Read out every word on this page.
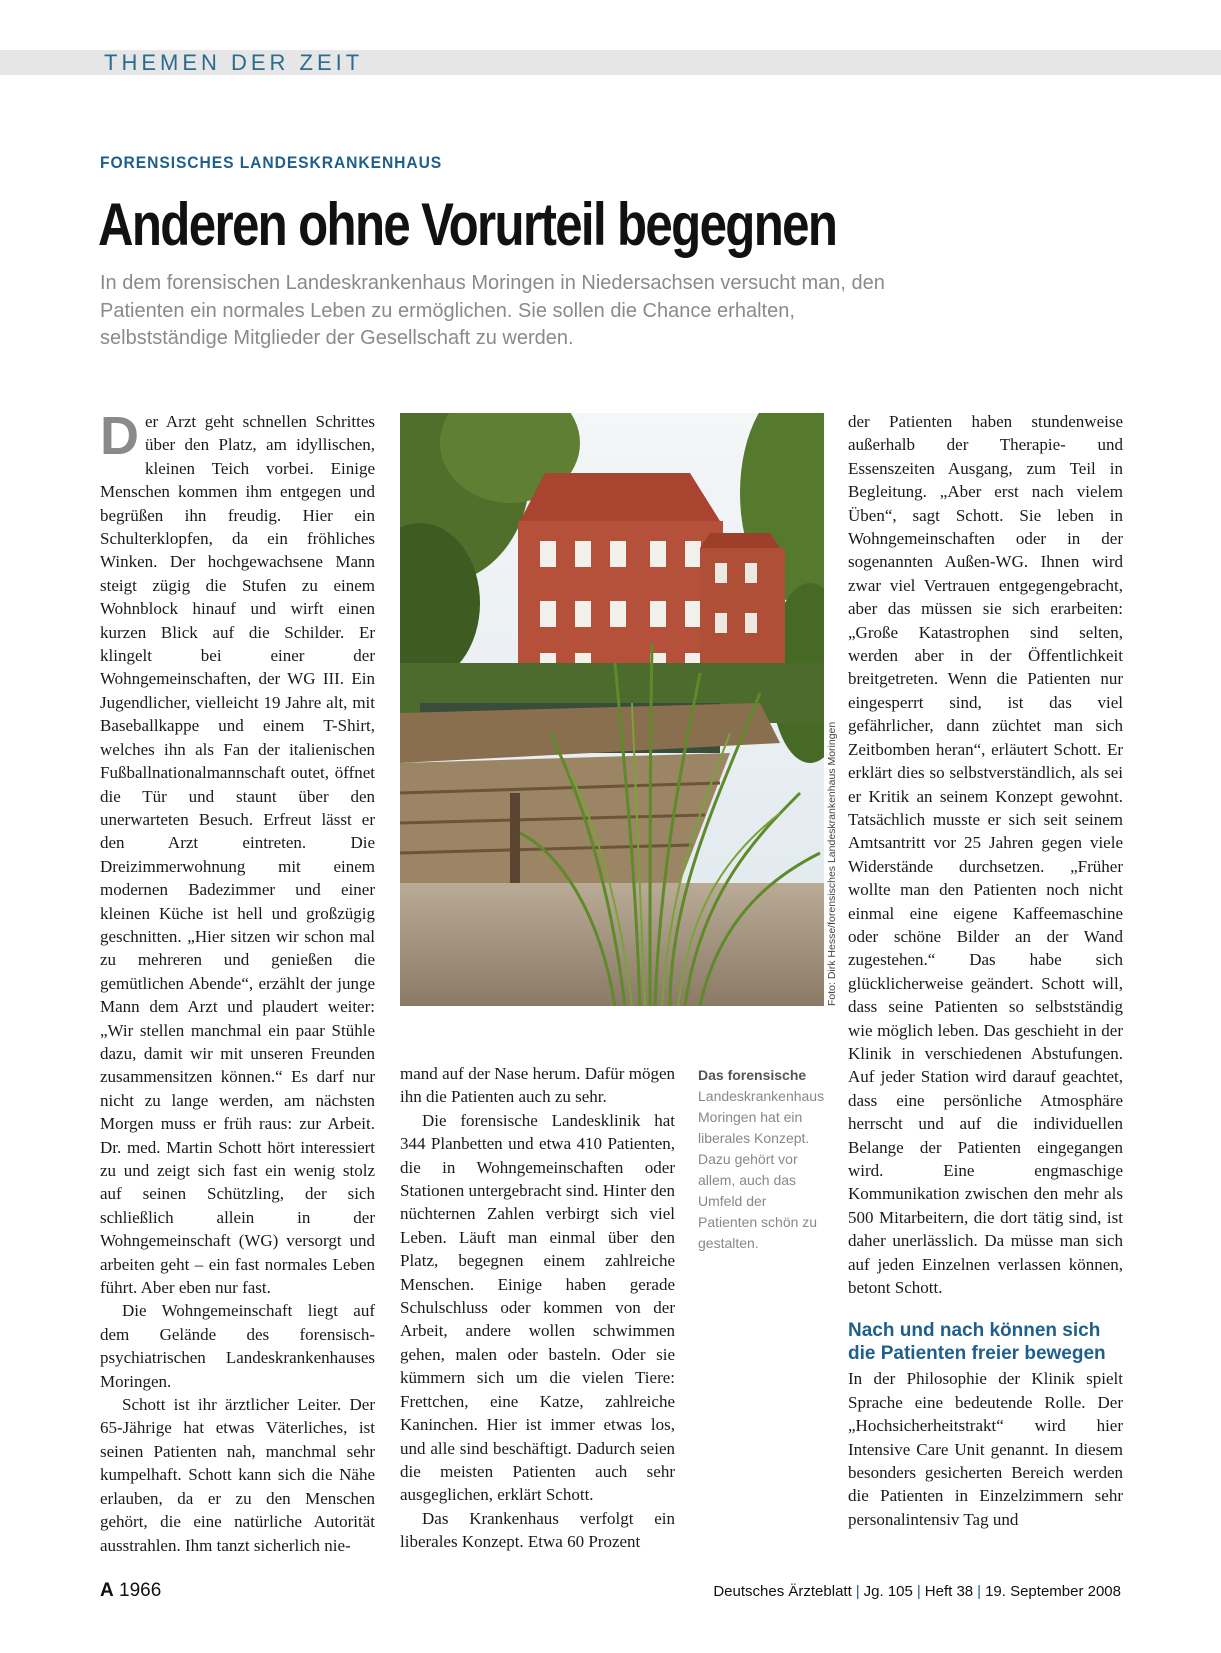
THEMEN DER ZEIT
FORENSISCHES LANDESKRANKENHAUS
Anderen ohne Vorurteil begegnen
In dem forensischen Landeskrankenhaus Moringen in Niedersachsen versucht man, den Patienten ein normales Leben zu ermöglichen. Sie sollen die Chance erhalten, selbstständige Mitglieder der Gesellschaft zu werden.

Der Arzt geht schnellen Schrittes über den Platz, am idyllischen, kleinen Teich vorbei. Einige Menschen kommen ihm entgegen und begrüßen ihn freudig. Hier ein Schulterklopfen, da ein fröhliches Winken. Der hochgewachsene Mann steigt zügig die Stufen zu einem Wohnblock hinauf und wirft einen kurzen Blick auf die Schilder. Er klingelt bei einer der Wohngemeinschaften, der WG III. Ein Jugendlicher, vielleicht 19 Jahre alt, mit Baseballkappe und einem T-Shirt, welches ihn als Fan der italienischen Fußballnationalmannschaft outet, öffnet die Tür und staunt über den unerwarteten Besuch. Erfreut lässt er den Arzt eintreten. Die Dreizimmerwohnung mit einem modernen Badezimmer und einer kleinen Küche ist hell und großzügig geschnitten. „Hier sitzen wir schon mal zu mehreren und genießen die gemütlichen Abende“, erzählt der junge Mann dem Arzt und plaudert weiter: „Wir stellen manchmal ein paar Stühle dazu, damit wir mit unseren Freunden zusammensitzen können.“ Es darf nur nicht zu lange werden, am nächsten Morgen muss er früh raus: zur Arbeit. Dr. med. Martin Schott hört interessiert zu und zeigt sich fast ein wenig stolz auf seinen Schützling, der sich schließlich allein in der Wohngemeinschaft (WG) versorgt und arbeiten geht – ein fast normales Leben führt. Aber eben nur fast.

Die Wohngemeinschaft liegt auf dem Gelände des forensisch-psychiatrischen Landeskrankenhauses Moringen.

Schott ist ihr ärztlicher Leiter. Der 65-Jährige hat etwas Väterliches, ist seinen Patienten nah, manchmal sehr kumpelhaft. Schott kann sich die Nähe erlauben, da er zu den Menschen gehört, die eine natürliche Autorität ausstrahlen. Ihm tanzt sicherlich nie-

Foto: Dirk Hesse/forensisches Landeskrankenhaus Moringen
Das forensische
Landeskrankenhaus Moringen hat ein liberales Konzept. Dazu gehört vor allem, auch das Umfeld der Patienten schön zu gestalten.

mand auf der Nase herum. Dafür mögen ihn die Patienten auch zu sehr.

Die forensische Landesklinik hat 344 Planbetten und etwa 410 Patienten, die in Wohngemeinschaften oder Stationen untergebracht sind. Hinter den nüchternen Zahlen verbirgt sich viel Leben. Läuft man einmal über den Platz, begegnen einem zahlreiche Menschen. Einige haben gerade Schulschluss oder kommen von der Arbeit, andere wollen schwimmen gehen, malen oder basteln. Oder sie kümmern sich um die vielen Tiere: Frettchen, eine Katze, zahlreiche Kaninchen. Hier ist immer etwas los, und alle sind beschäftigt. Dadurch seien die meisten Patienten auch sehr ausgeglichen, erklärt Schott.

Das Krankenhaus verfolgt ein liberales Konzept. Etwa 60 Prozent

der Patienten haben stundenweise außerhalb der Therapie- und Essenszeiten Ausgang, zum Teil in Begleitung. „Aber erst nach vielem Üben“, sagt Schott. Sie leben in Wohngemeinschaften oder in der sogenannten Außen-WG. Ihnen wird zwar viel Vertrauen entgegengebracht, aber das müssen sie sich erarbeiten: „Große Katastrophen sind selten, werden aber in der Öffentlichkeit breitgetreten. Wenn die Patienten nur eingesperrt sind, ist das viel gefährlicher, dann züchtet man sich Zeitbomben heran“, erläutert Schott. Er erklärt dies so selbstverständlich, als sei er Kritik an seinem Konzept gewohnt. Tatsächlich musste er sich seit seinem Amtsantritt vor 25 Jahren gegen viele Widerstände durchsetzen. „Früher wollte man den Patienten noch nicht einmal eine eigene Kaffeemaschine oder schöne Bilder an der Wand zugestehen.“ Das habe sich glücklicherweise geändert. Schott will, dass seine Patienten so selbstständig wie möglich leben. Das geschieht in der Klinik in verschiedenen Abstufungen. Auf jeder Station wird darauf geachtet, dass eine persönliche Atmosphäre herrscht und auf die individuellen Belange der Patienten eingegangen wird. Eine engmaschige Kommunikation zwischen den mehr als 500 Mitarbeitern, die dort tätig sind, ist daher unerlässlich. Da müsse man sich auf jeden Einzelnen verlassen können, betont Schott.

Nach und nach können sich die Patienten freier bewegen

In der Philosophie der Klinik spielt Sprache eine bedeutende Rolle. Der „Hochsicherheitstrakt“ wird hier Intensive Care Unit genannt. In diesem besonders gesicherten Bereich werden die Patienten in Einzelzimmern sehr personalintensiv Tag und

A 1966	Deutsches Ärzteblatt | Jg. 105 | Heft 38 | 19. September 2008
